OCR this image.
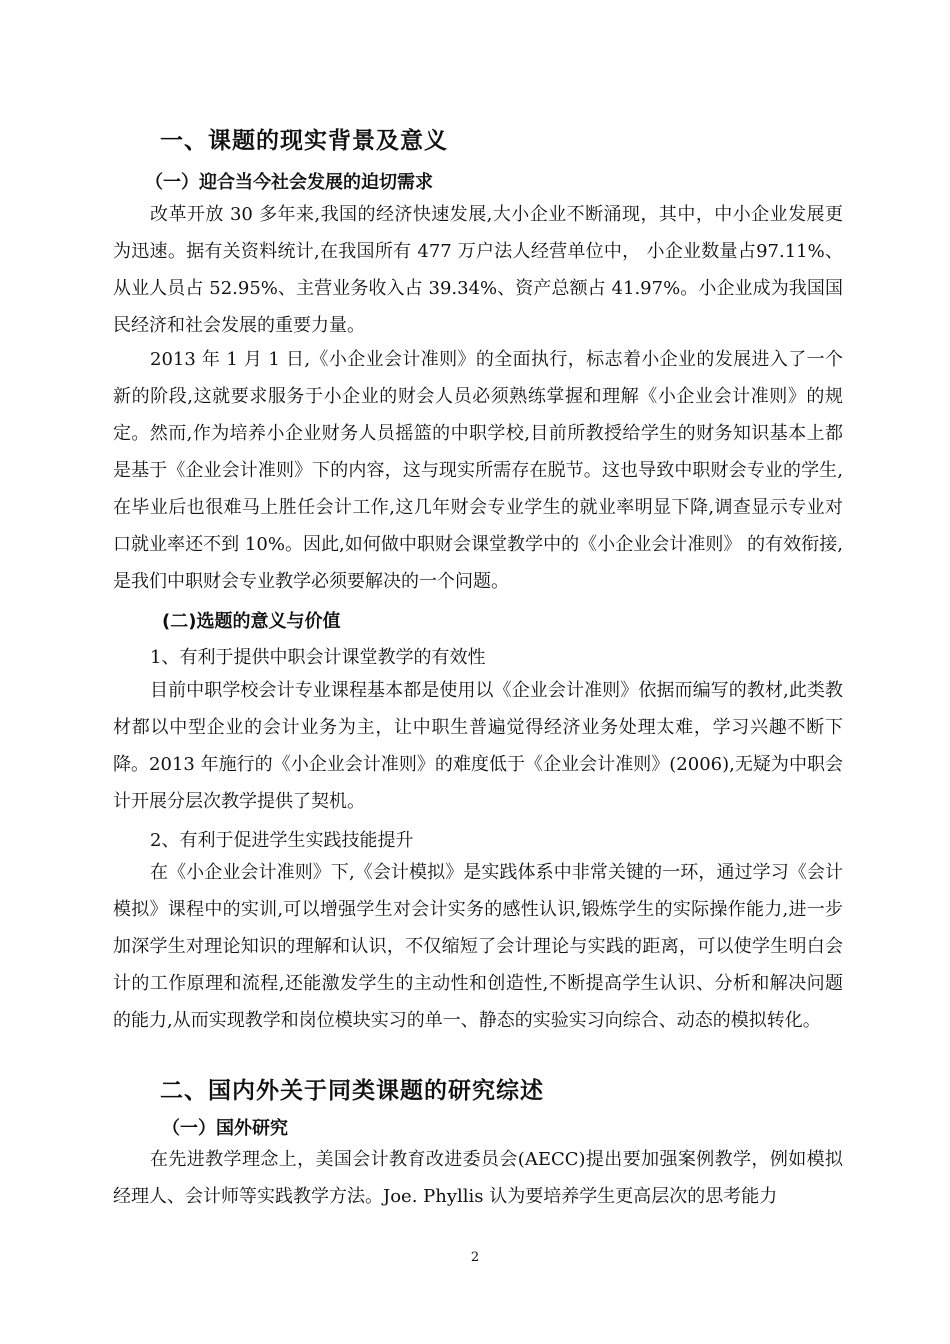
一、课题的现实背景及意义
（一）迎合当今社会发展的迫切需求

改革开放 30 多年来,我国的经济快速发展,大小企业不断涌现，其中，中小企业发展更为迅速。据有关资料统计,在我国所有 477 万户法人经营单位中， 小企业数量占97.11%、从业人员占 52.95%、主营业务收入占 39.34%、资产总额占 41.97%。小企业成为我国国民经济和社会发展的重要力量。

2013 年 1 月 1 日,《小企业会计准则》的全面执行，标志着小企业的发展进入了一个新的阶段,这就要求服务于小企业的财会人员必须熟练掌握和理解《小企业会计准则》的规定。然而,作为培养小企业财务人员摇篮的中职学校,目前所教授给学生的财务知识基本上都是基于《企业会计准则》下的内容，这与现实所需存在脱节。这也导致中职财会专业的学生,在毕业后也很难马上胜任会计工作,这几年财会专业学生的就业率明显下降,调查显示专业对口就业率还不到 10%。因此,如何做中职财会课堂教学中的《小企业会计准则》 的有效衔接,是我们中职财会专业教学必须要解决的一个问题。

(二)选题的意义与价值
1、有利于提供中职会计课堂教学的有效性

目前中职学校会计专业课程基本都是使用以《企业会计准则》依据而编写的教材,此类教材都以中型企业的会计业务为主，让中职生普遍觉得经济业务处理太难，学习兴趣不断下降。2013 年施行的《小企业会计准则》的难度低于《企业会计准则》(2006),无疑为中职会计开展分层次教学提供了契机。

2、有利于促进学生实践技能提升

在《小企业会计准则》下,《会计模拟》是实践体系中非常关键的一环，通过学习《会计模拟》课程中的实训,可以增强学生对会计实务的感性认识,锻炼学生的实际操作能力,进一步加深学生对理论知识的理解和认识，不仅缩短了会计理论与实践的距离，可以使学生明白会计的工作原理和流程,还能激发学生的主动性和创造性,不断提高学生认识、分析和解决问题的能力,从而实现教学和岗位模块实习的单一、静态的实验实习向综合、动态的模拟转化。

二、国内外关于同类课题的研究综述
（一）国外研究

在先进教学理念上，美国会计教育改进委员会(AECC)提出要加强案例教学，例如模拟经理人、会计师等实践教学方法。Joe. Phyllis 认为要培养学生更高层次的思考能力

2
